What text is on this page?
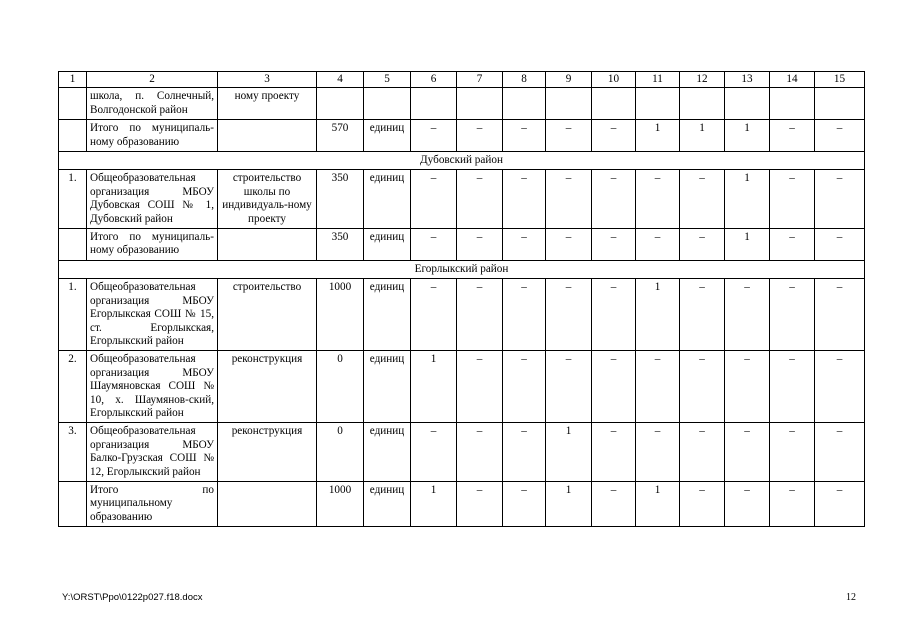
1	2	3	4	5	6	7	8	9	10	11	12	13	14	15
	школа, п. Солнечный, Волгодонской район	ному проекту												
	Итого по муниципаль-ному образованию		570	единиц	–	–	–	–	–	1	1	1	–	–
Дубовский район														
1.	Общеобразовательная организация МБОУ Дубовская СОШ № 1, Дубовский район	строительство школы по индивидуаль-ному проекту	350	единиц	–	–	–	–	–	–	–	1	–	–
	Итого по муниципаль-ному образованию		350	единиц	–	–	–	–	–	–	–	1	–	–
Егорлыкский район														
1.	Общеобразовательная организация МБОУ Егорлыкская СОШ № 15, ст. Егорлыкская, Егорлыкский район	строительство	1000	единиц	–	–	–	–	–	1	–	–	–	–
2.	Общеобразовательная организация МБОУ Шаумяновская СОШ № 10, х. Шаумянов-ский, Егорлыкский район	реконструкция	0	единиц	1	–	–	–	–	–	–	–	–	–
3.	Общеобразовательная организация МБОУ Балко-Грузская СОШ № 12, Егорлыкский район	реконструкция	0	единиц	–	–	–	1	–	–	–	–	–	–
	Итого по муниципальному образованию		1000	единиц	1	–	–	1	–	1	–	–	–	–
Y:\ORST\Ppo\0122p027.f18.docx	12
